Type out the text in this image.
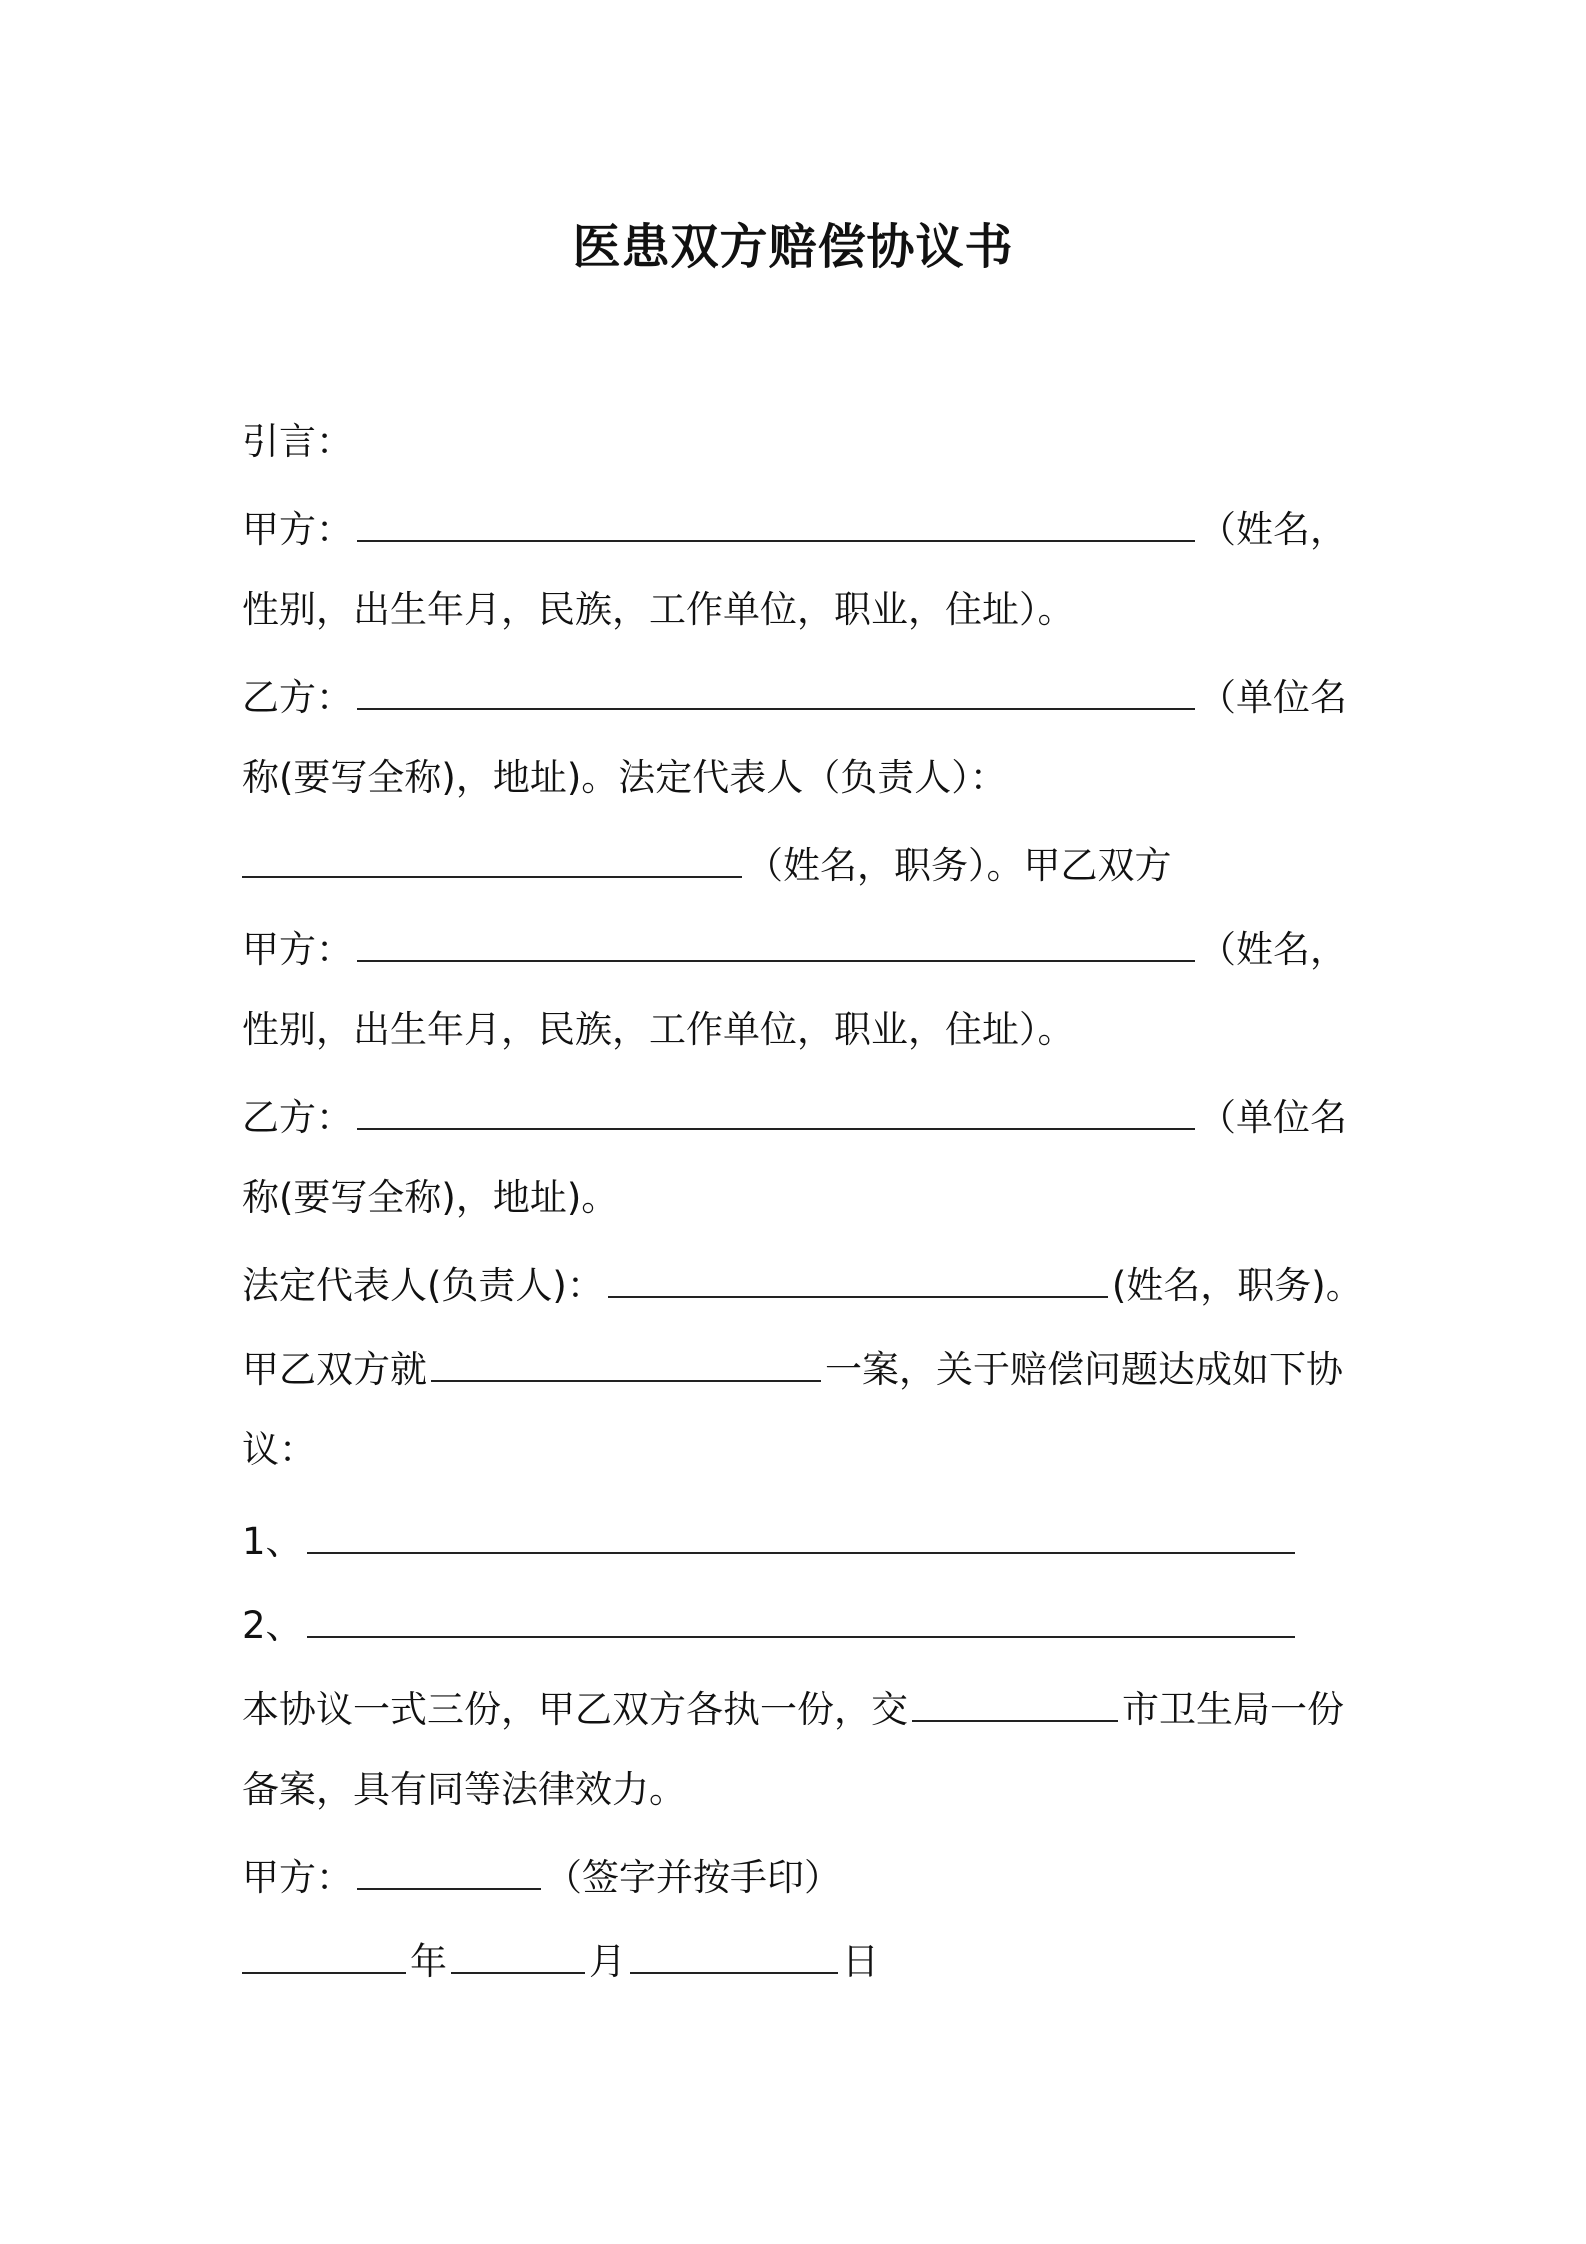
医患双方赔偿协议书
引言：
甲方：	（姓名，
性别，出生年月，民族，工作单位，职业，住址）。
乙方：	（单位名
称(要写全称)，地址)。法定代表人（负责人）：
（姓名，职务）。甲乙双方
甲方：	（姓名，
性别，出生年月，民族，工作单位，职业，住址）。
乙方：	（单位名
称(要写全称)，地址)。
法定代表人(负责人)：	(姓名，职务)。
甲乙双方就	一案，关于赔偿问题达成如下协
议：
1、
2、
本协议一式三份，甲乙双方各执一份，交	市卫生局一份
备案，具有同等法律效力。
甲方：	（签字并按手印）
年	月	日
